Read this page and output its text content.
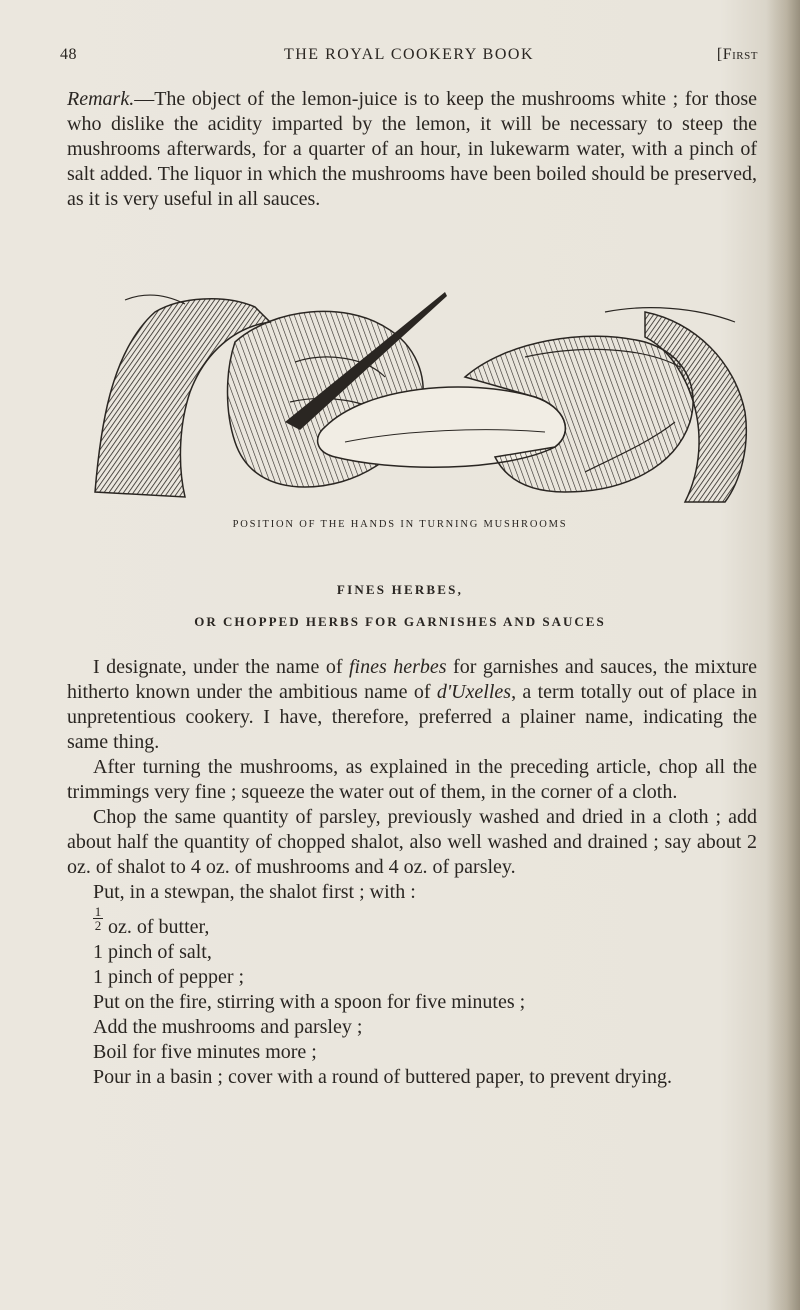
48	THE ROYAL COOKERY BOOK	[First

Remark.—The object of the lemon-juice is to keep the mushrooms white ; for those who dislike the acidity imparted by the lemon, it will be necessary to steep the mushrooms afterwards, for a quarter of an hour, in lukewarm water, with a pinch of salt added. The liquor in which the mushrooms have been boiled should be preserved, as it is very useful in all sauces.

POSITION OF THE HANDS IN TURNING MUSHROOMS
FINES HERBES,
OR CHOPPED HERBS FOR GARNISHES AND SAUCES

I designate, under the name of fines herbes for garnishes and sauces, the mixture hitherto known under the ambitious name of d'Uxelles, a term totally out of place in unpretentious cookery. I have, therefore, preferred a plainer name, indicating the same thing.

After turning the mushrooms, as explained in the preceding article, chop all the trimmings very fine ; squeeze the water out of them, in the corner of a cloth.

Chop the same quantity of parsley, previously washed and dried in a cloth ; add about half the quantity of chopped shalot, also well washed and drained ; say about 2 oz. of shalot to 4 oz. of mushrooms and 4 oz. of parsley.

Put, in a stewpan, the shalot first ; with :

$\frac{1}{2}$ oz. of butter,

1 pinch of salt,

1 pinch of pepper ;

Put on the fire, stirring with a spoon for five minutes ;

Add the mushrooms and parsley ;

Boil for five minutes more ;

Pour in a basin ; cover with a round of buttered paper, to prevent drying.
